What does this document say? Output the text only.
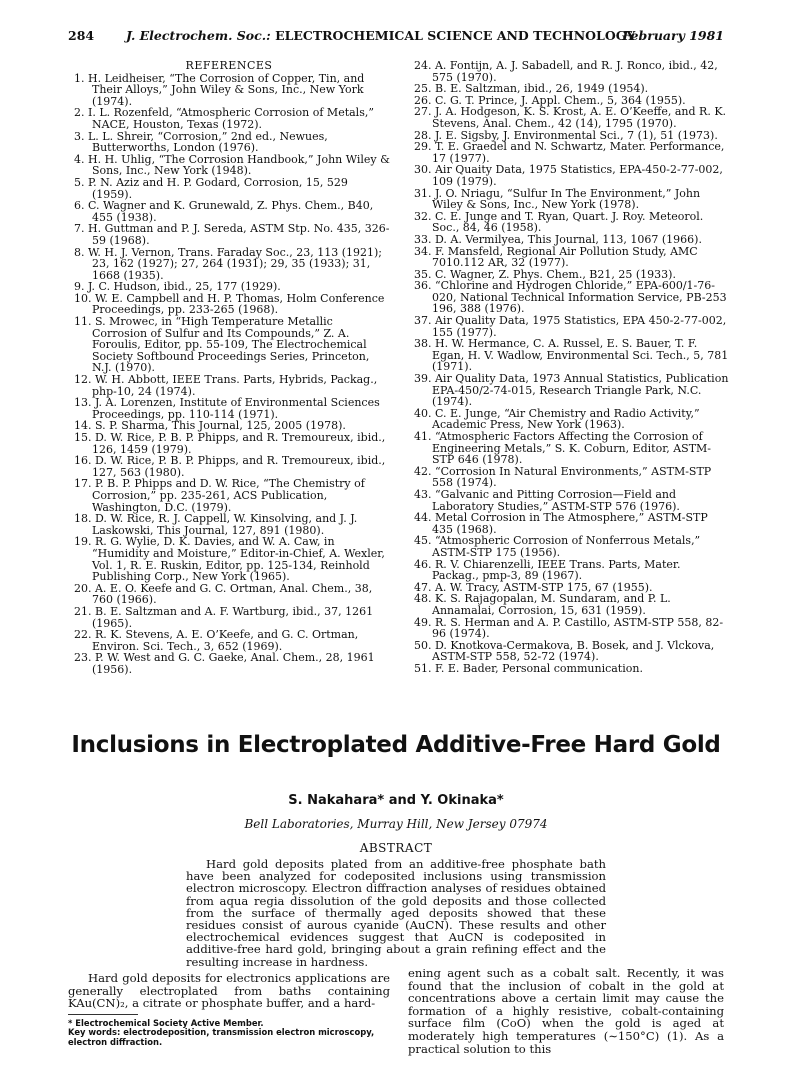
284	J. Electrochem. Soc.: ELECTROCHEMICAL SCIENCE AND TECHNOLOGY
February 1981
REFERENCES

1. H. Leidheiser, “The Corrosion of Copper, Tin, and Their Alloys,” John Wiley & Sons, Inc., New York (1974).

2. I. L. Rozenfeld, “Atmospheric Corrosion of Metals,” NACE, Houston, Texas (1972).

3. L. L. Shreir, “Corrosion,” 2nd ed., Newues, Butterworths, London (1976).

4. H. H. Uhlig, “The Corrosion Handbook,” John Wiley & Sons, Inc., New York (1948).

5. P. N. Aziz and H. P. Godard, Corrosion, 15, 529 (1959).

6. C. Wagner and K. Grunewald, Z. Phys. Chem., B40, 455 (1938).

7. H. Guttman and P. J. Sereda, ASTM Stp. No. 435, 326-59 (1968).

8. W. H. J. Vernon, Trans. Faraday Soc., 23, 113 (1921); 23, 162 (1927); 27, 264 (1931); 29, 35 (1933); 31, 1668 (1935).

9. J. C. Hudson, ibid., 25, 177 (1929).

10. W. E. Campbell and H. P. Thomas, Holm Conference Proceedings, pp. 233-265 (1968).

11. S. Mrowec, in “High Temperature Metallic Corrosion of Sulfur and Its Compounds,” Z. A. Foroulis, Editor, pp. 55-109, The Electrochemical Society Softbound Proceedings Series, Princeton, N.J. (1970).

12. W. H. Abbott, IEEE Trans. Parts, Hybrids, Packag., php-10, 24 (1974).

13. J. A. Lorenzen, Institute of Environmental Sciences Proceedings, pp. 110-114 (1971).

14. S. P. Sharma, This Journal, 125, 2005 (1978).

15. D. W. Rice, P. B. P. Phipps, and R. Tremoureux, ibid., 126, 1459 (1979).

16. D. W. Rice, P. B. P. Phipps, and R. Tremoureux, ibid., 127, 563 (1980).

17. P. B. P. Phipps and D. W. Rice, “The Chemistry of Corrosion,” pp. 235-261, ACS Publication, Washington, D.C. (1979).

18. D. W. Rice, R. J. Cappell, W. Kinsolving, and J. J. Laskowski, This Journal, 127, 891 (1980).

19. R. G. Wylie, D. K. Davies, and W. A. Caw, in “Humidity and Moisture,” Editor-in-Chief, A. Wexler, Vol. 1, R. E. Ruskin, Editor, pp. 125-134, Reinhold Publishing Corp., New York (1965).

20. A. E. O. Keefe and G. C. Ortman, Anal. Chem., 38, 760 (1966).

21. B. E. Saltzman and A. F. Wartburg, ibid., 37, 1261 (1965).

22. R. K. Stevens, A. E. O’Keefe, and G. C. Ortman, Environ. Sci. Tech., 3, 652 (1969).

23. P. W. West and G. C. Gaeke, Anal. Chem., 28, 1961 (1956).

24. A. Fontijn, A. J. Sabadell, and R. J. Ronco, ibid., 42, 575 (1970).

25. B. E. Saltzman, ibid., 26, 1949 (1954).

26. C. G. T. Prince, J. Appl. Chem., 5, 364 (1955).

27. J. A. Hodgeson, K. S. Krost, A. E. O’Keeffe, and R. K. Stevens, Anal. Chem., 42 (14), 1795 (1970).

28. J. E. Sigsby, J. Environmental Sci., 7 (1), 51 (1973).

29. T. E. Graedel and N. Schwartz, Mater. Performance, 17 (1977).

30. Air Quaity Data, 1975 Statistics, EPA-450-2-77-002, 109 (1979).

31. J. O. Nriagu, “Sulfur In The Environment,” John Wiley & Sons, Inc., New York (1978).

32. C. E. Junge and T. Ryan, Quart. J. Roy. Meteorol. Soc., 84, 46 (1958).

33. D. A. Vermilyea, This Journal, 113, 1067 (1966).

34. F. Mansfeld, Regional Air Pollution Study, AMC 7010.112 AR, 32 (1977).

35. C. Wagner, Z. Phys. Chem., B21, 25 (1933).

36. “Chlorine and Hydrogen Chloride,” EPA-600/1-76-020, National Technical Information Service, PB-253 196, 388 (1976).

37. Air Quality Data, 1975 Statistics, EPA 450-2-77-002, 155 (1977).

38. H. W. Hermance, C. A. Russel, E. S. Bauer, T. F. Egan, H. V. Wadlow, Environmental Sci. Tech., 5, 781 (1971).

39. Air Quality Data, 1973 Annual Statistics, Publication EPA-450/2-74-015, Research Triangle Park, N.C. (1974).

40. C. E. Junge, “Air Chemistry and Radio Activity,” Academic Press, New York (1963).

41. “Atmospheric Factors Affecting the Corrosion of Engineering Metals,” S. K. Coburn, Editor, ASTM-STP 646 (1978).

42. “Corrosion In Natural Environments,” ASTM-STP 558 (1974).

43. “Galvanic and Pitting Corrosion—Field and Laboratory Studies,” ASTM-STP 576 (1976).

44. Metal Corrosion in The Atmosphere,” ASTM-STP 435 (1968).

45. “Atmospheric Corrosion of Nonferrous Metals,” ASTM-STP 175 (1956).

46. R. V. Chiarenzelli, IEEE Trans. Parts, Mater. Packag., pmp-3, 89 (1967).

47. A. W. Tracy, ASTM-STP 175, 67 (1955).

48. K. S. Rajagopalan, M. Sundaram, and P. L. Annamalai, Corrosion, 15, 631 (1959).

49. R. S. Herman and A. P. Castillo, ASTM-STP 558, 82-96 (1974).

50. D. Knotkova-Cermakova, B. Bosek, and J. Vlckova, ASTM-STP 558, 52-72 (1974).

51. F. E. Bader, Personal communication.

Inclusions in Electroplated Additive-Free Hard Gold
S. Nakahara* and Y. Okinaka*
Bell Laboratories, Murray Hill, New Jersey 07974
ABSTRACT

Hard gold deposits plated from an additive-free phosphate bath have been analyzed for codeposited inclusions using transmission electron microscopy. Electron diffraction analyses of residues obtained from aqua regia dissolution of the gold deposits and those collected from the surface of thermally aged deposits showed that these residues consist of aurous cyanide (AuCN). These results and other electrochemical evidences suggest that AuCN is codeposited in additive-free hard gold, bringing about a grain refining effect and the resulting increase in hardness.

Hard gold deposits for electronics applications are generally electroplated from baths containing KAu(CN)₂, a citrate or phosphate buffer, and a hard-

ening agent such as a cobalt salt. Recently, it was found that the inclusion of cobalt in the gold at concentrations above a certain limit may cause the formation of a highly resistive, cobalt-containing surface film (CoO) when the gold is aged at moderately high temperatures (∼150°C) (1). As a practical solution to this

* Electrochemical Society Active Member.
Key words: electrodeposition, transmission electron microscopy, electron diffraction.
